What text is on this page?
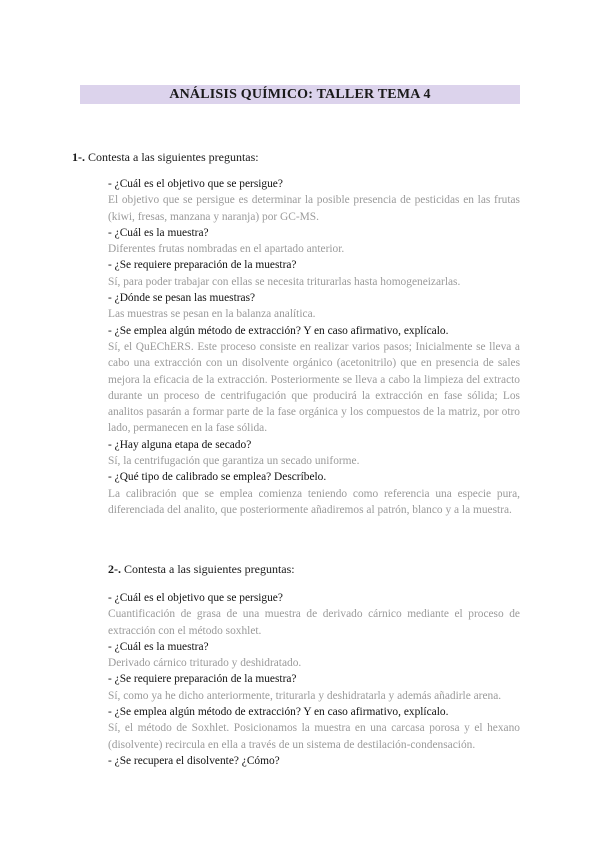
ANÁLISIS QUÍMICO: TALLER TEMA 4
1-. Contesta a las siguientes preguntas:
- ¿Cuál es el objetivo que se persigue?
El objetivo que se persigue es determinar la posible presencia de pesticidas en las frutas (kiwi, fresas, manzana y naranja) por GC-MS.
- ¿Cuál es la muestra?
Diferentes frutas nombradas en el apartado anterior.
- ¿Se requiere preparación de la muestra?
Sí, para poder trabajar con ellas se necesita triturarlas hasta homogeneizarlas.
- ¿Dónde se pesan las muestras?
Las muestras se pesan en la balanza analítica.
- ¿Se emplea algún método de extracción? Y en caso afirmativo, explícalo.
Sí, el QuEChERS. Este proceso consiste en realizar varios pasos; Inicialmente se lleva a cabo una extracción con un disolvente orgánico (acetonitrilo) que en presencia de sales mejora la eficacia de la extracción. Posteriormente se lleva a cabo la limpieza del extracto durante un proceso de centrifugación que producirá la extracción en fase sólida; Los analitos pasarán a formar parte de la fase orgánica y los compuestos de la matriz, por otro lado, permanecen en la fase sólida.
- ¿Hay alguna etapa de secado?
Sí, la centrifugación que garantiza un secado uniforme.
- ¿Qué tipo de calibrado se emplea? Descríbelo.
La calibración que se emplea comienza teniendo como referencia una especie pura, diferenciada del analito, que posteriormente añadiremos al patrón, blanco y a la muestra.
2-. Contesta a las siguientes preguntas:
- ¿Cuál es el objetivo que se persigue?
Cuantificación de grasa de una muestra de derivado cárnico mediante el proceso de extracción con el método soxhlet.
- ¿Cuál es la muestra?
Derivado cárnico triturado y deshidratado.
- ¿Se requiere preparación de la muestra?
Sí, como ya he dicho anteriormente, triturarla y deshidratarla y además añadirle arena.
- ¿Se emplea algún método de extracción? Y en caso afirmativo, explícalo.
Sí, el método de Soxhlet. Posicionamos la muestra en una carcasa porosa y el hexano (disolvente) recircula en ella a través de un sistema de destilación-condensación.
- ¿Se recupera el disolvente? ¿Cómo?
